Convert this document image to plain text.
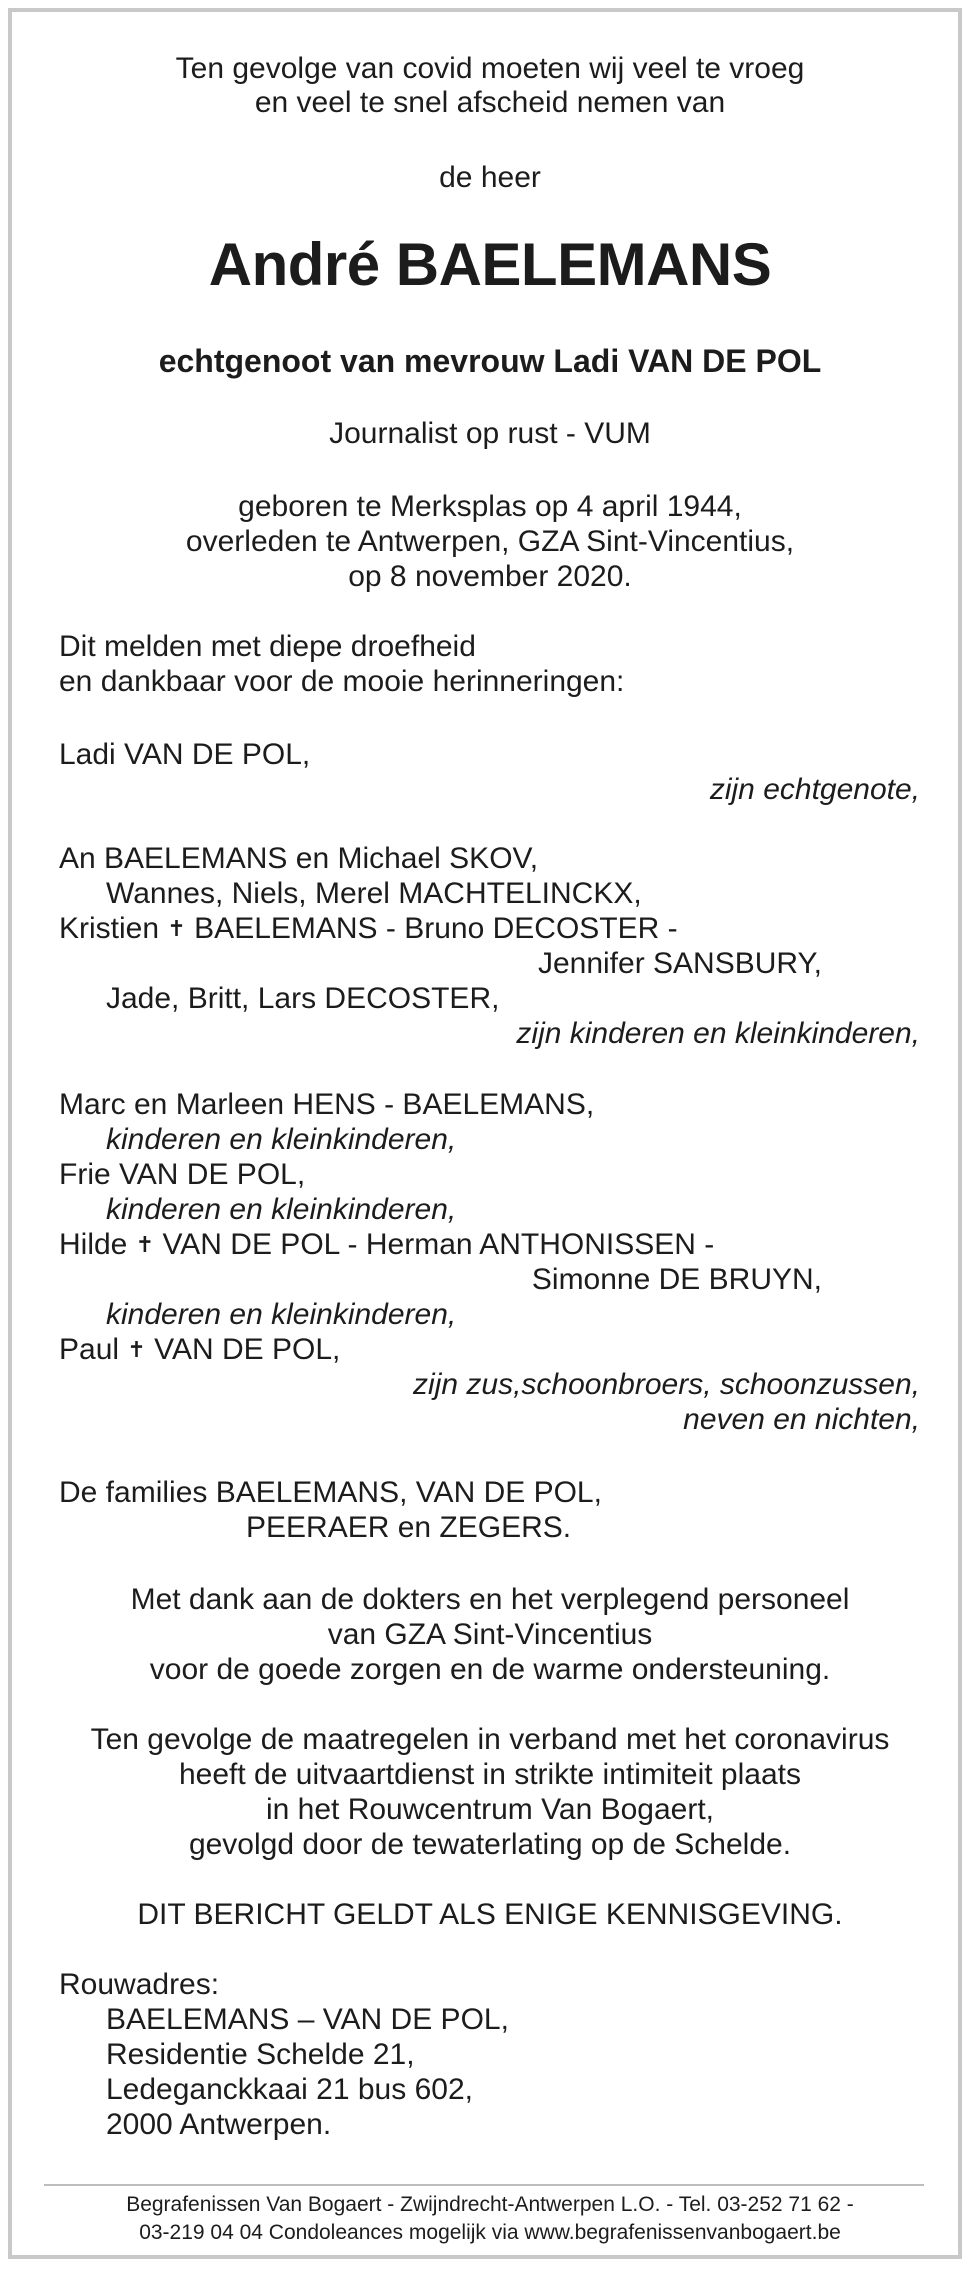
Ten gevolge van covid moeten wij veel te vroeg
en veel te snel afscheid nemen van
de heer
André BAELEMANS
echtgenoot van mevrouw Ladi VAN DE POL
Journalist op rust - VUM
geboren te Merksplas op 4 april 1944,
overleden te Antwerpen, GZA Sint-Vincentius,
op 8 november 2020.
Dit melden met diepe droefheid
en dankbaar voor de mooie herinneringen:
Ladi VAN DE POL,
zijn echtgenote,
An BAELEMANS en Michael SKOV,
Wannes, Niels, Merel MACHTELINCKX,
Kristien ✝ BAELEMANS - Bruno DECOSTER -
Jennifer SANSBURY,
Jade, Britt, Lars DECOSTER,
zijn kinderen en kleinkinderen,
Marc en Marleen HENS - BAELEMANS,
kinderen en kleinkinderen,
Frie VAN DE POL,
kinderen en kleinkinderen,
Hilde ✝ VAN DE POL - Herman ANTHONISSEN -
Simonne DE BRUYN,
kinderen en kleinkinderen,
Paul ✝ VAN DE POL,
zijn zus,schoonbroers, schoonzussen,
neven en nichten,
De families BAELEMANS, VAN DE POL,
PEERAER en ZEGERS.
Met dank aan de dokters en het verplegend personeel
van GZA Sint-Vincentius
voor de goede zorgen en de warme ondersteuning.
Ten gevolge de maatregelen in verband met het coronavirus
heeft de uitvaartdienst in strikte intimiteit plaats
in het Rouwcentrum Van Bogaert,
gevolgd door de tewaterlating op de Schelde.
DIT BERICHT GELDT ALS ENIGE KENNISGEVING.
Rouwadres:
BAELEMANS – VAN DE POL,
Residentie Schelde 21,
Ledeganckkaai 21 bus 602,
2000 Antwerpen.
Begrafenissen Van Bogaert - Zwijndrecht-Antwerpen L.O. - Tel. 03-252 71 62 -
03-219 04 04 Condoleances mogelijk via www.begrafenissenvanbogaert.be
